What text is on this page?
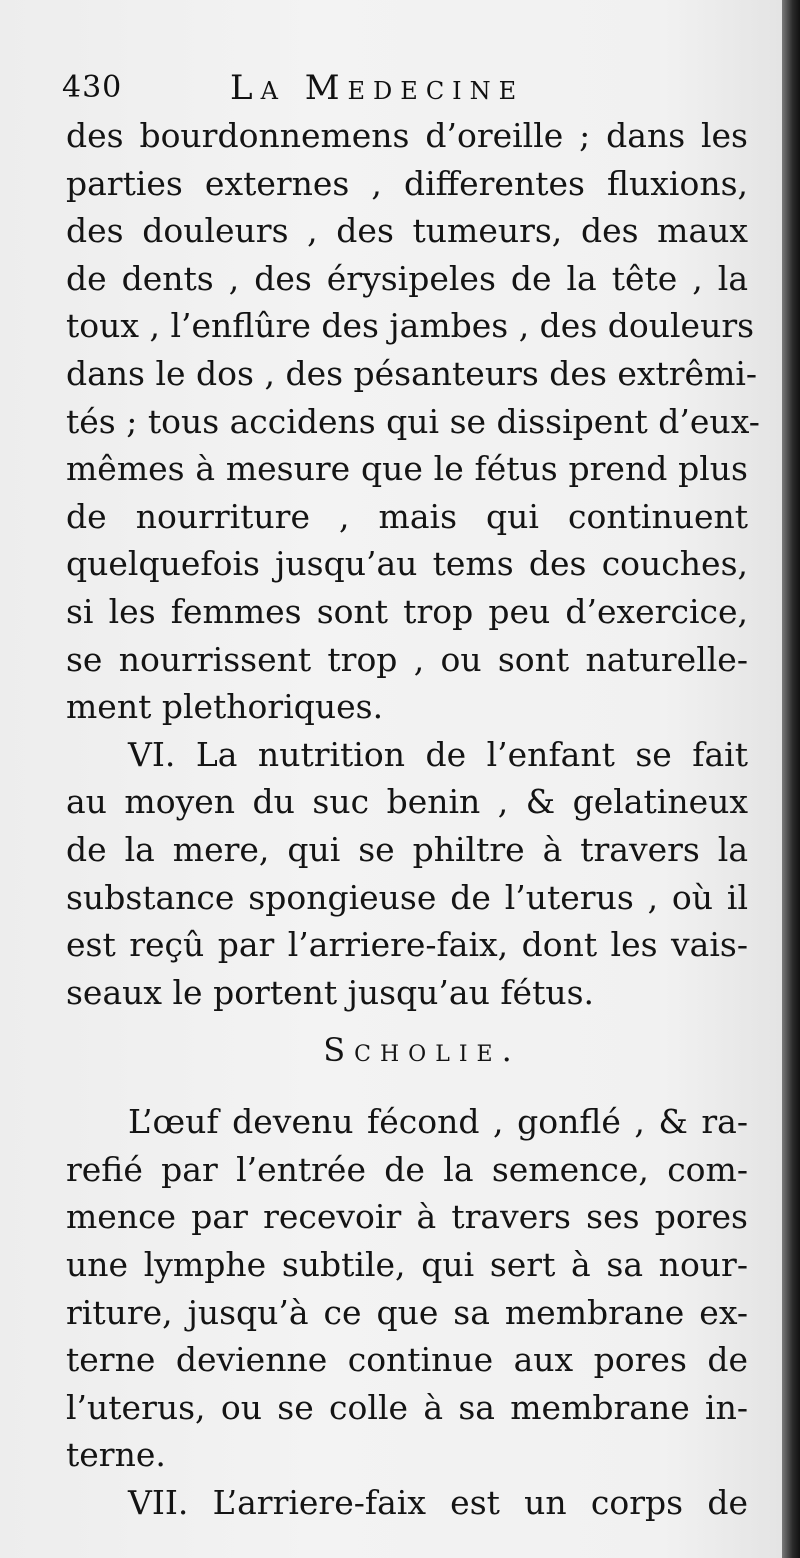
430	La Medecine
des bourdonnemens d’oreille ; dans les
parties externes , differentes fluxions,
des douleurs , des tumeurs, des maux
de dents , des érysipeles de la tête , la
toux , l’enflûre des jambes , des douleurs
dans le dos , des pésanteurs des extrêmi-
tés ; tous accidens qui se dissipent d’eux-
mêmes à mesure que le fétus prend plus
de nourriture , mais qui continuent
quelquefois jusqu’au tems des couches,
si les femmes sont trop peu d’exercice,
se nourrissent trop , ou sont naturelle-
ment plethoriques.
VI. La nutrition de l’enfant se fait
au moyen du suc benin , & gelatineux
de la mere, qui se philtre à travers la
substance spongieuse de l’uterus , où il
est reçû par l’arriere-faix, dont les vais-
seaux le portent jusqu’au fétus.
Scholie.
L’œuf devenu fécond , gonflé , & ra-
refié par l’entrée de la semence, com-
mence par recevoir à travers ses pores
une lymphe subtile, qui sert à sa nour-
riture, jusqu’à ce que sa membrane ex-
terne devienne continue aux pores de
l’uterus, ou se colle à sa membrane in-
terne.
VII. L’arriere-faix est un corps de
